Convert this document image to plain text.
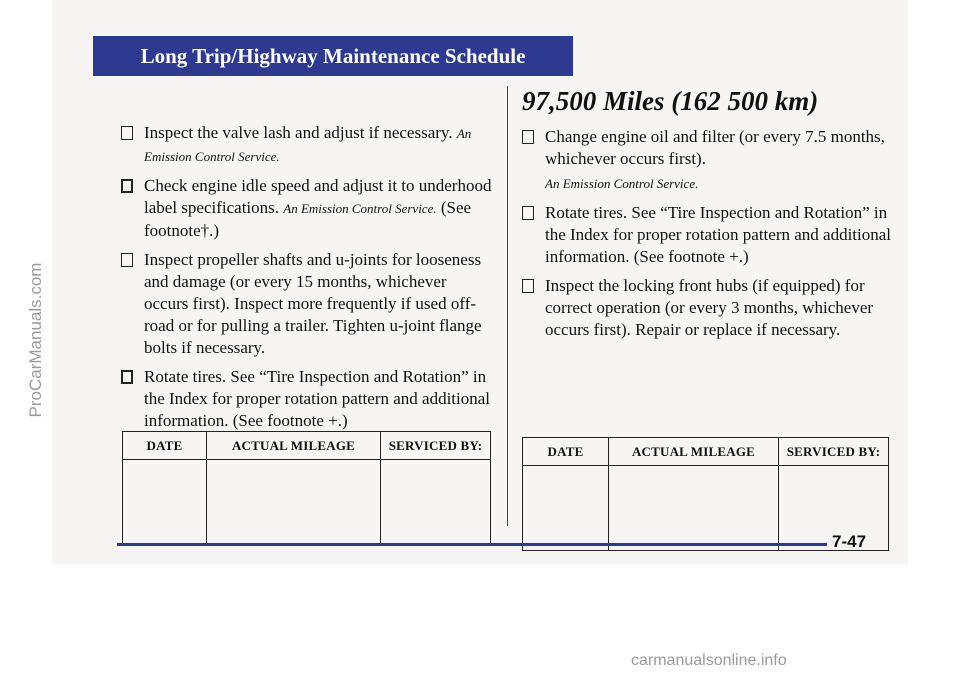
ProCarManuals.com
Long Trip/Highway Maintenance Schedule
Inspect the valve lash and adjust if necessary. An Emission Control Service.
Check engine idle speed and adjust it to underhood label specifications. An Emission Control Service. (See footnote†.)
Inspect propeller shafts and u-joints for looseness and damage (or every 15 months, whichever occurs first). Inspect more frequently if used off-road or for pulling a trailer. Tighten u-joint flange bolts if necessary.
Rotate tires. See “Tire Inspection and Rotation” in the Index for proper rotation pattern and additional information. (See footnote +.)
DATE	ACTUAL MILEAGE	SERVICED BY:

97,500 Miles (162 500 km)
Change engine oil and filter (or every 7.5 months, whichever occurs first).
An Emission Control Service.
Rotate tires. See “Tire Inspection and Rotation” in the Index for proper rotation pattern and additional information. (See footnote +.)
Inspect the locking front hubs (if equipped) for correct operation (or every 3 months, whichever occurs first). Repair or replace if necessary.
DATE	ACTUAL MILEAGE	SERVICED BY:

7-47
carmanualsonline.info
